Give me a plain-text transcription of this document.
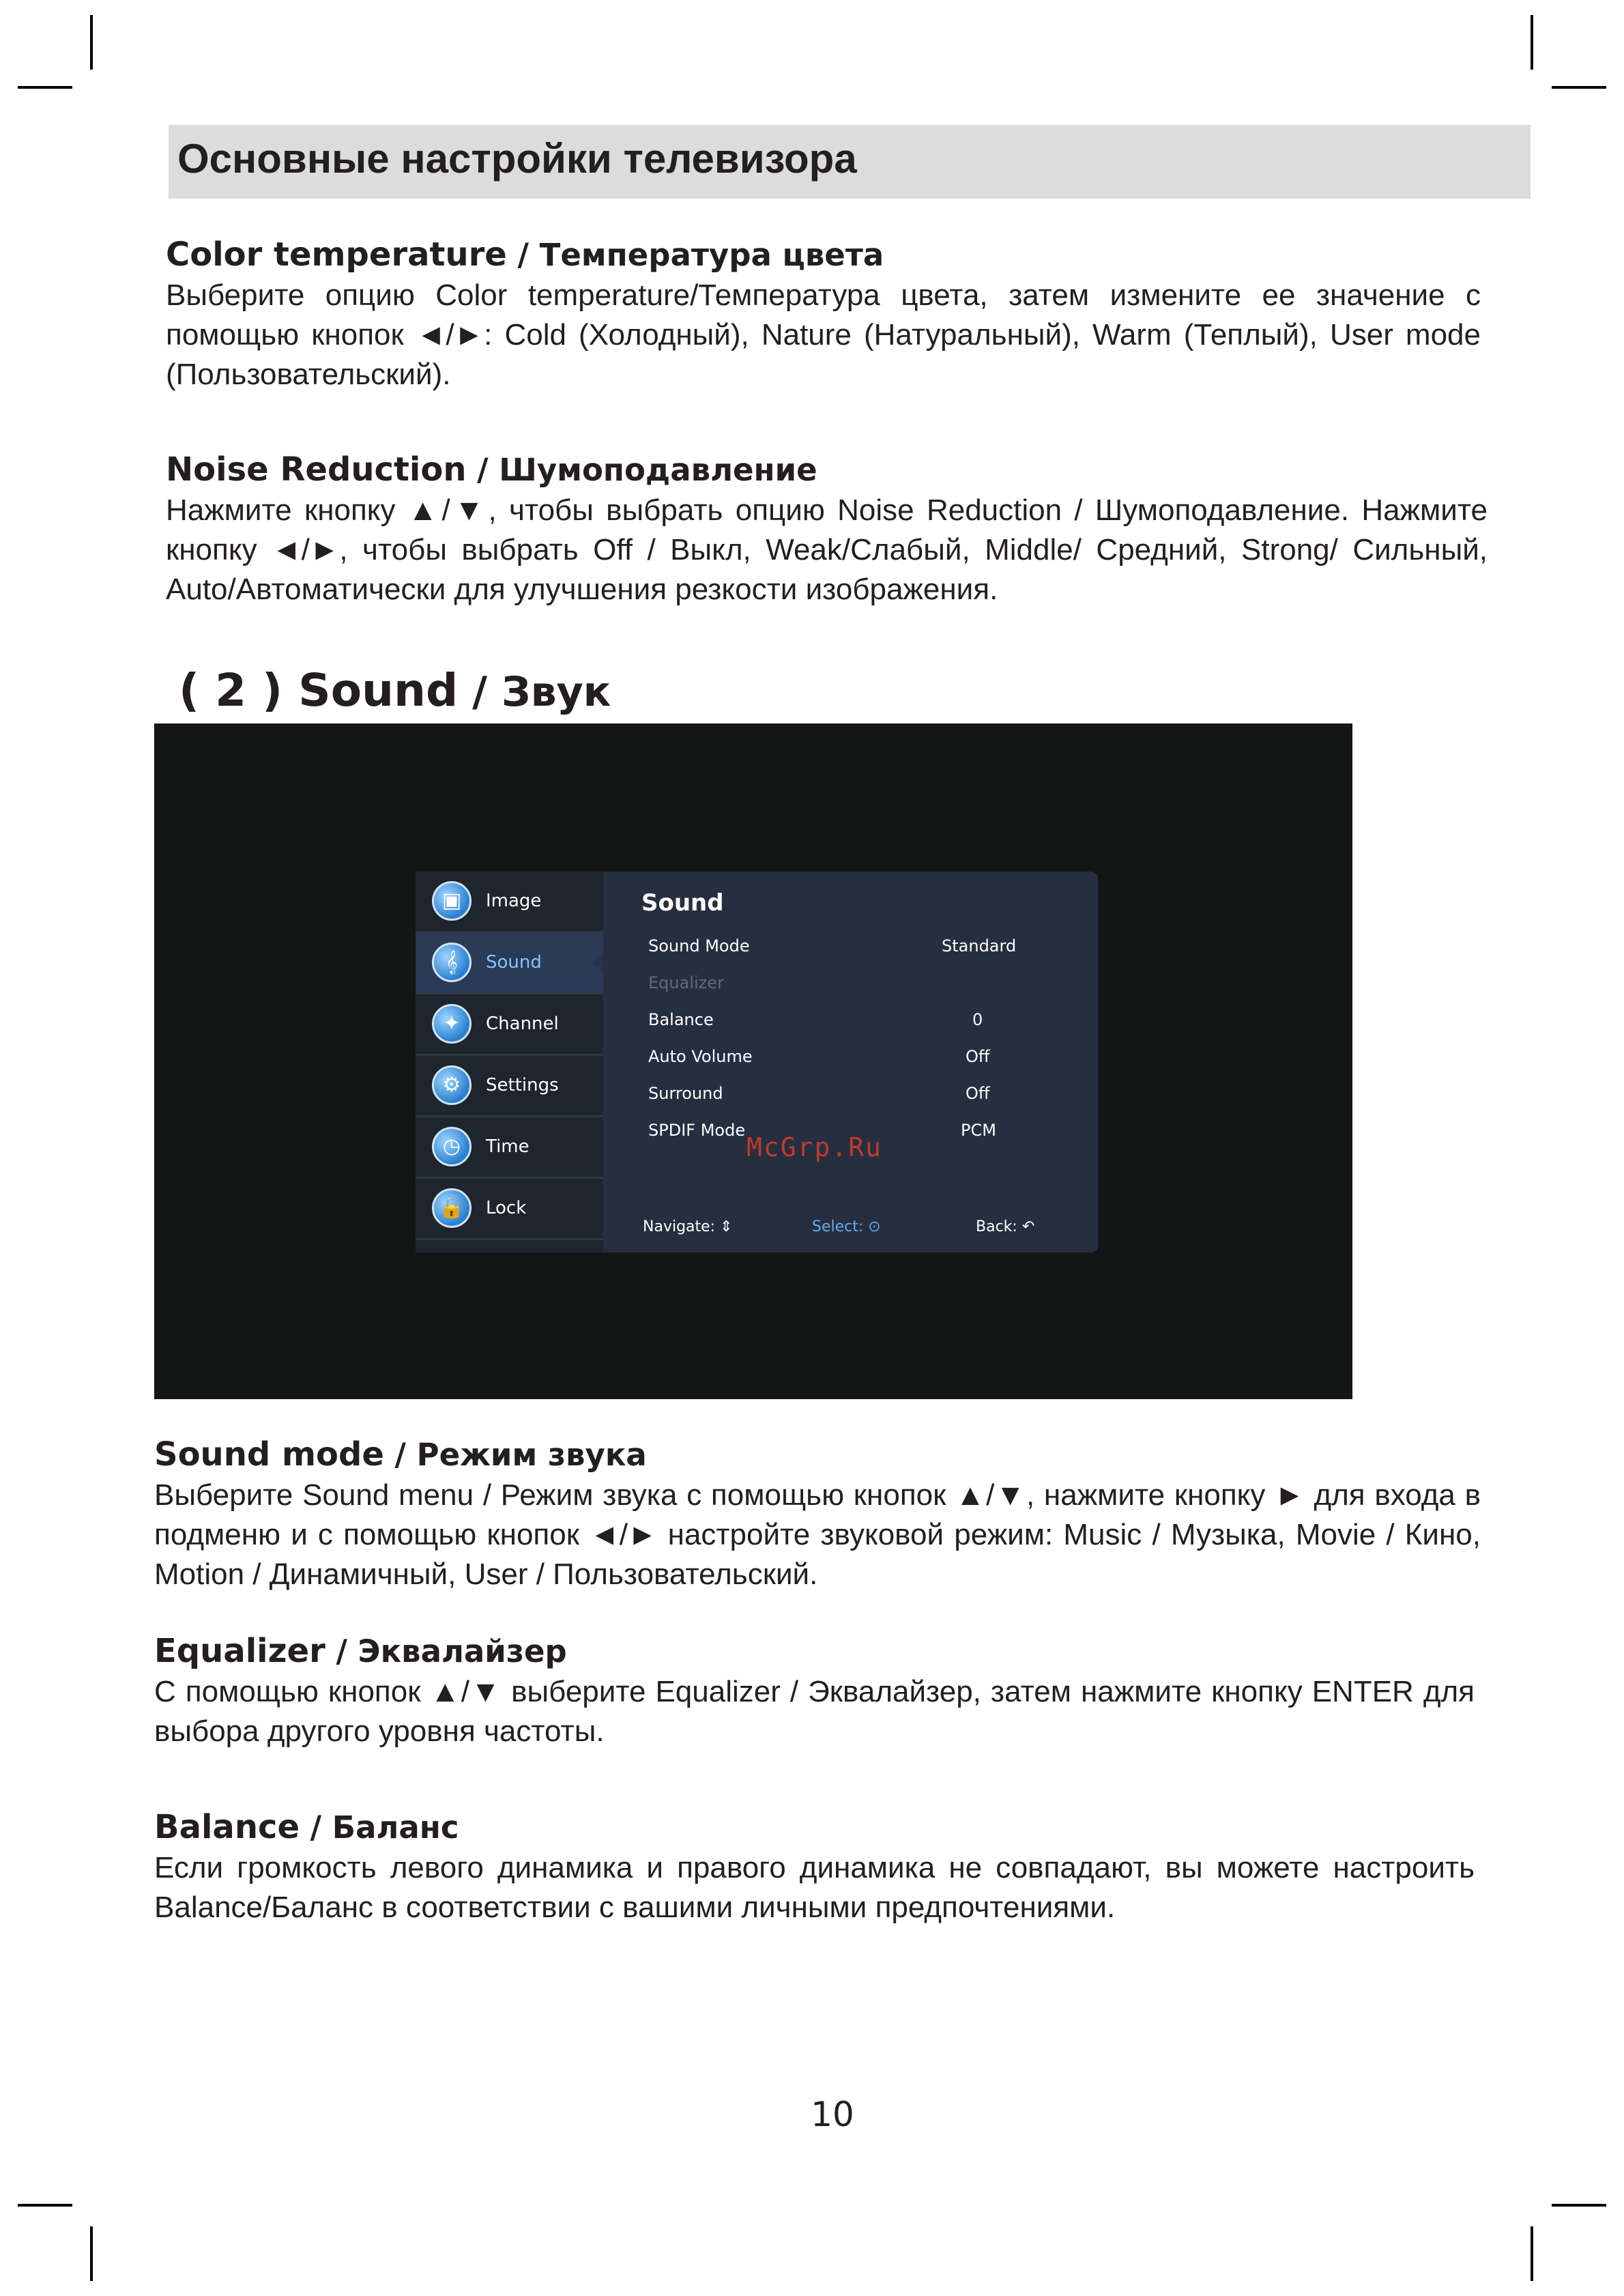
Основные настройки телевизора

Color temperature / Температура цвета

Выберите опцию Color temperature/Температура цвета, затем измените ее значение с помощью кнопок ◄/►: Cold (Холодный), Nature (Натуральный), Warm (Теплый), User mode (Пользовательский).

Noise Reduction / Шумоподавление

Нажмите кнопку ▲/▼, чтобы выбрать опцию Noise Reduction / Шумоподавление. Нажмите кнопку ◄/►, чтобы выбрать Off / Выкл, Weak/Слабый, Middle/ Средний, Strong/ Сильный, Auto/Автоматически для улучшения резкости изображения.

( 2 ) Sound / Звук

▣	Image
𝄞	Sound
✦	Channel
⚙	Settings
◷	Time
🔒	Lock
Sound
Sound Mode	Standard
Equalizer
Balance	0
Auto Volume	Off
Surround	Off
SPDIF Mode	PCM
Navigate: ⇕	Select: ⊙	Back: ↶
McGrp.Ru

Sound mode / Режим звука

Выберите Sound menu / Режим звука с помощью кнопок ▲/▼, нажмите кнопку ► для входа в подменю и с помощью кнопок ◄/► настройте звуковой режим: Music / Музыка, Movie / Кино, Motion / Динамичный, User / Пользовательский.

Equalizer / Эквалайзер

С помощью кнопок ▲/▼ выберите Equalizer / Эквалайзер, затем нажмите кнопку ENTER для выбора другого уровня частоты.

Balance / Баланс

Если громкость левого динамика и правого динамика не совпадают, вы можете настроить Balance/Баланс в соответствии с вашими личными предпочтениями.

10
